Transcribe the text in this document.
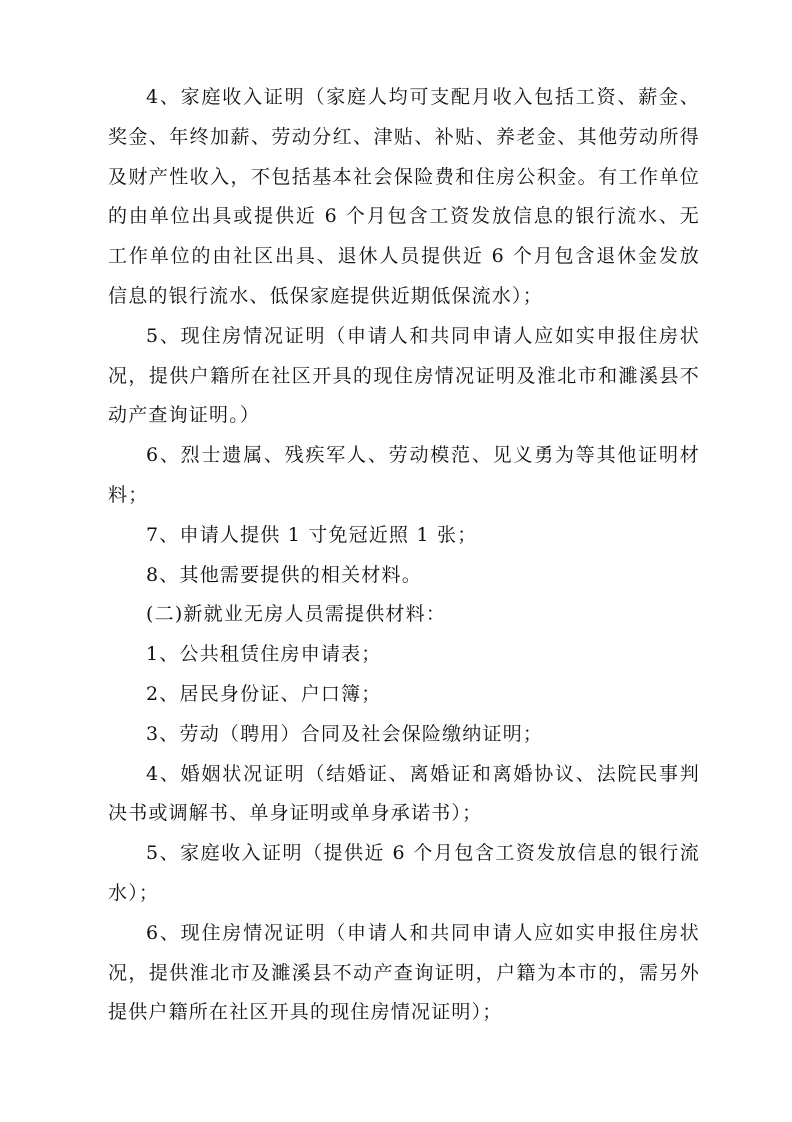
4、家庭收入证明（家庭人均可支配月收入包括工资、薪金、奖金、年终加薪、劳动分红、津贴、补贴、养老金、其他劳动所得及财产性收入，不包括基本社会保险费和住房公积金。有工作单位的由单位出具或提供近 6 个月包含工资发放信息的银行流水、无工作单位的由社区出具、退休人员提供近 6 个月包含退休金发放信息的银行流水、低保家庭提供近期低保流水）；

5、现住房情况证明（申请人和共同申请人应如实申报住房状况，提供户籍所在社区开具的现住房情况证明及淮北市和濉溪县不动产查询证明。）

6、烈士遗属、残疾军人、劳动模范、见义勇为等其他证明材料；

7、申请人提供 1 寸免冠近照 1 张；

8、其他需要提供的相关材料。

(二)新就业无房人员需提供材料：

1、公共租赁住房申请表；

2、居民身份证、户口簿；

3、劳动（聘用）合同及社会保险缴纳证明；

4、婚姻状况证明（结婚证、离婚证和离婚协议、法院民事判决书或调解书、单身证明或单身承诺书）；

5、家庭收入证明（提供近 6 个月包含工资发放信息的银行流水）；

6、现住房情况证明（申请人和共同申请人应如实申报住房状况，提供淮北市及濉溪县不动产查询证明，户籍为本市的，需另外提供户籍所在社区开具的现住房情况证明）；
